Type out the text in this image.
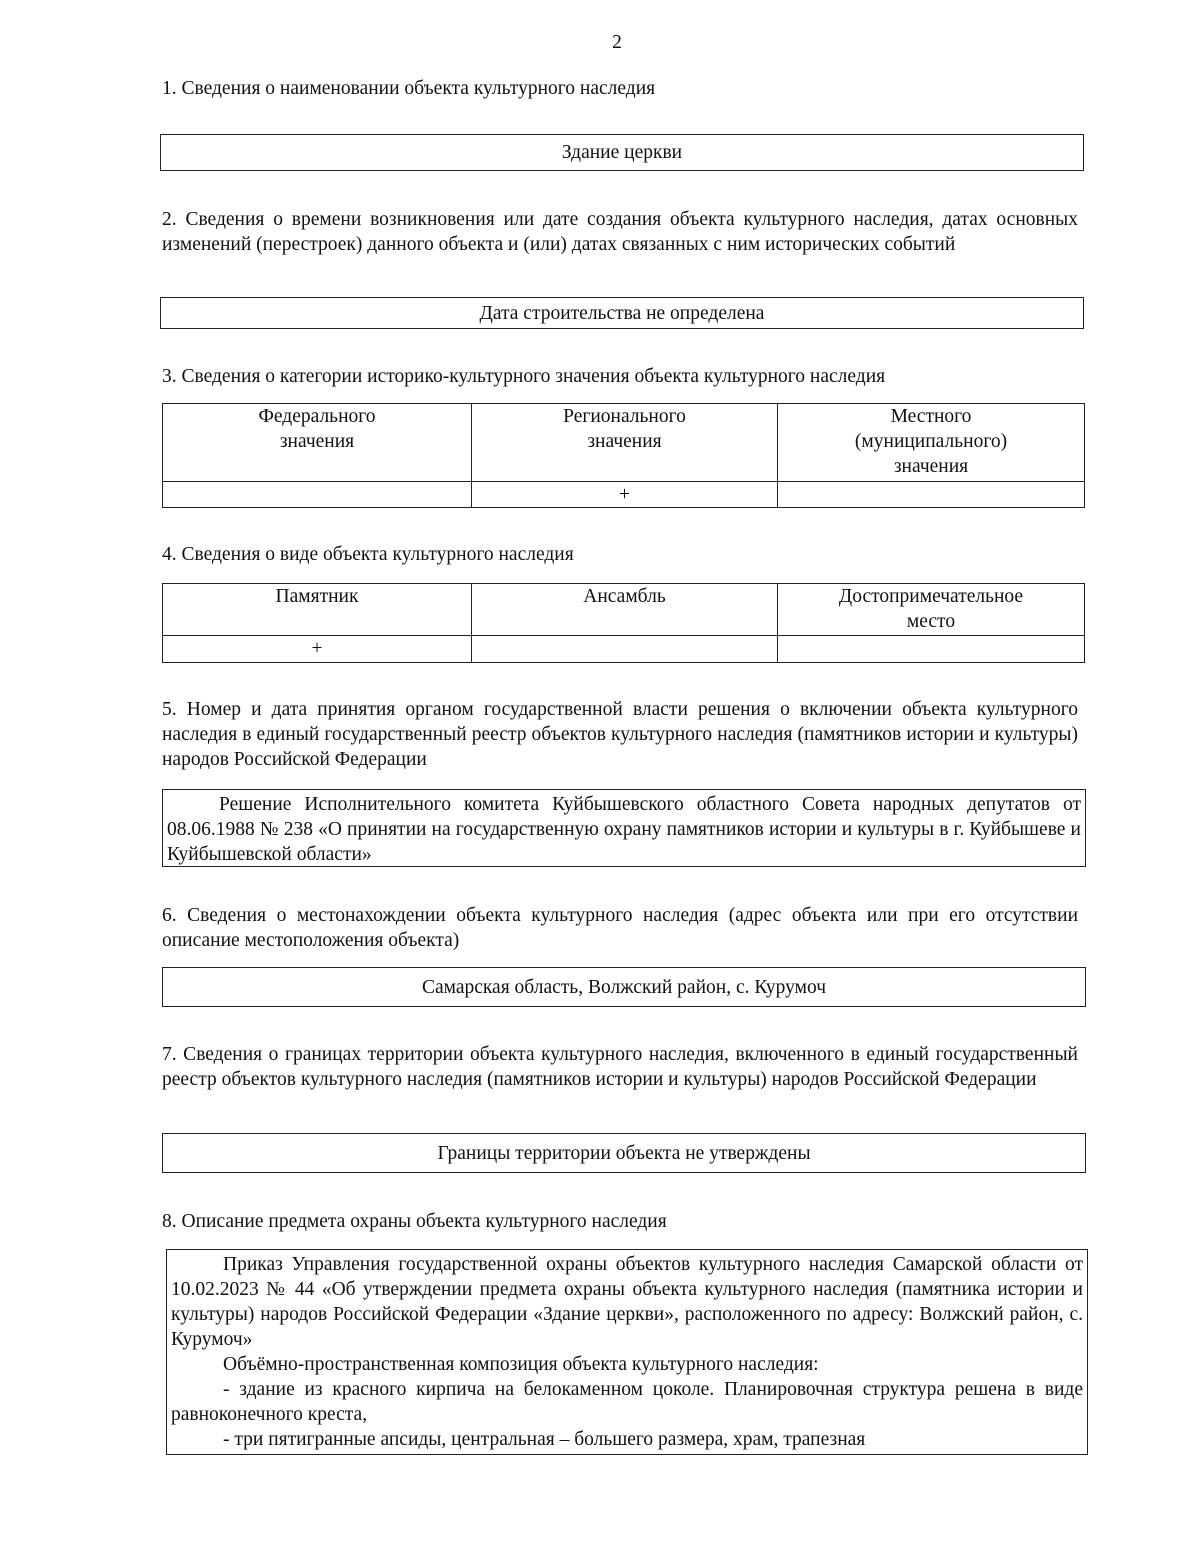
2
1. Сведения о наименовании объекта культурного наследия
Здание церкви
2. Сведения о времени возникновения или дате создания объекта культурного наследия, датах основных изменений (перестроек) данного объекта и (или) датах связанных с ним исторических событий
Дата строительства не определена
3. Сведения о категории историко-культурного значения объекта культурного наследия
Федерального значения	Регионального значения	Местного (муниципального) значения

	+	
4. Сведения о виде объекта культурного наследия
Памятник	Ансамбль	Достопримечательное место

+		
5. Номер и дата принятия органом государственной власти решения о включении объекта культурного наследия в единый государственный реестр объектов культурного наследия (памятников истории и культуры) народов Российской Федерации

Решение Исполнительного комитета Куйбышевского областного Совета народных депутатов от 08.06.1988 № 238 «О принятии на государственную охрану памятников истории и культуры в г. Куйбышеве и Куйбышевской области»

6. Сведения о местонахождении объекта культурного наследия (адрес объекта или при его отсутствии описание местоположения объекта)
Самарская область, Волжский район, с. Курумоч
7. Сведения о границах территории объекта культурного наследия, включенного в единый государственный реестр объектов культурного наследия (памятников истории и культуры) народов Российской Федерации
Границы территории объекта не утверждены
8. Описание предмета охраны объекта культурного наследия

Приказ Управления государственной охраны объектов культурного наследия Самарской области от 10.02.2023 № 44 «Об утверждении предмета охраны объекта культурного наследия (памятника истории и культуры) народов Российской Федерации «Здание церкви», расположенного по адресу: Волжский район, с. Курумоч»

Объёмно-пространственная композиция объекта культурного наследия:

- здание из красного кирпича на белокаменном цоколе. Планировочная структура решена в виде равноконечного креста,

- три пятигранные апсиды, центральная – большего размера, храм, трапезная
